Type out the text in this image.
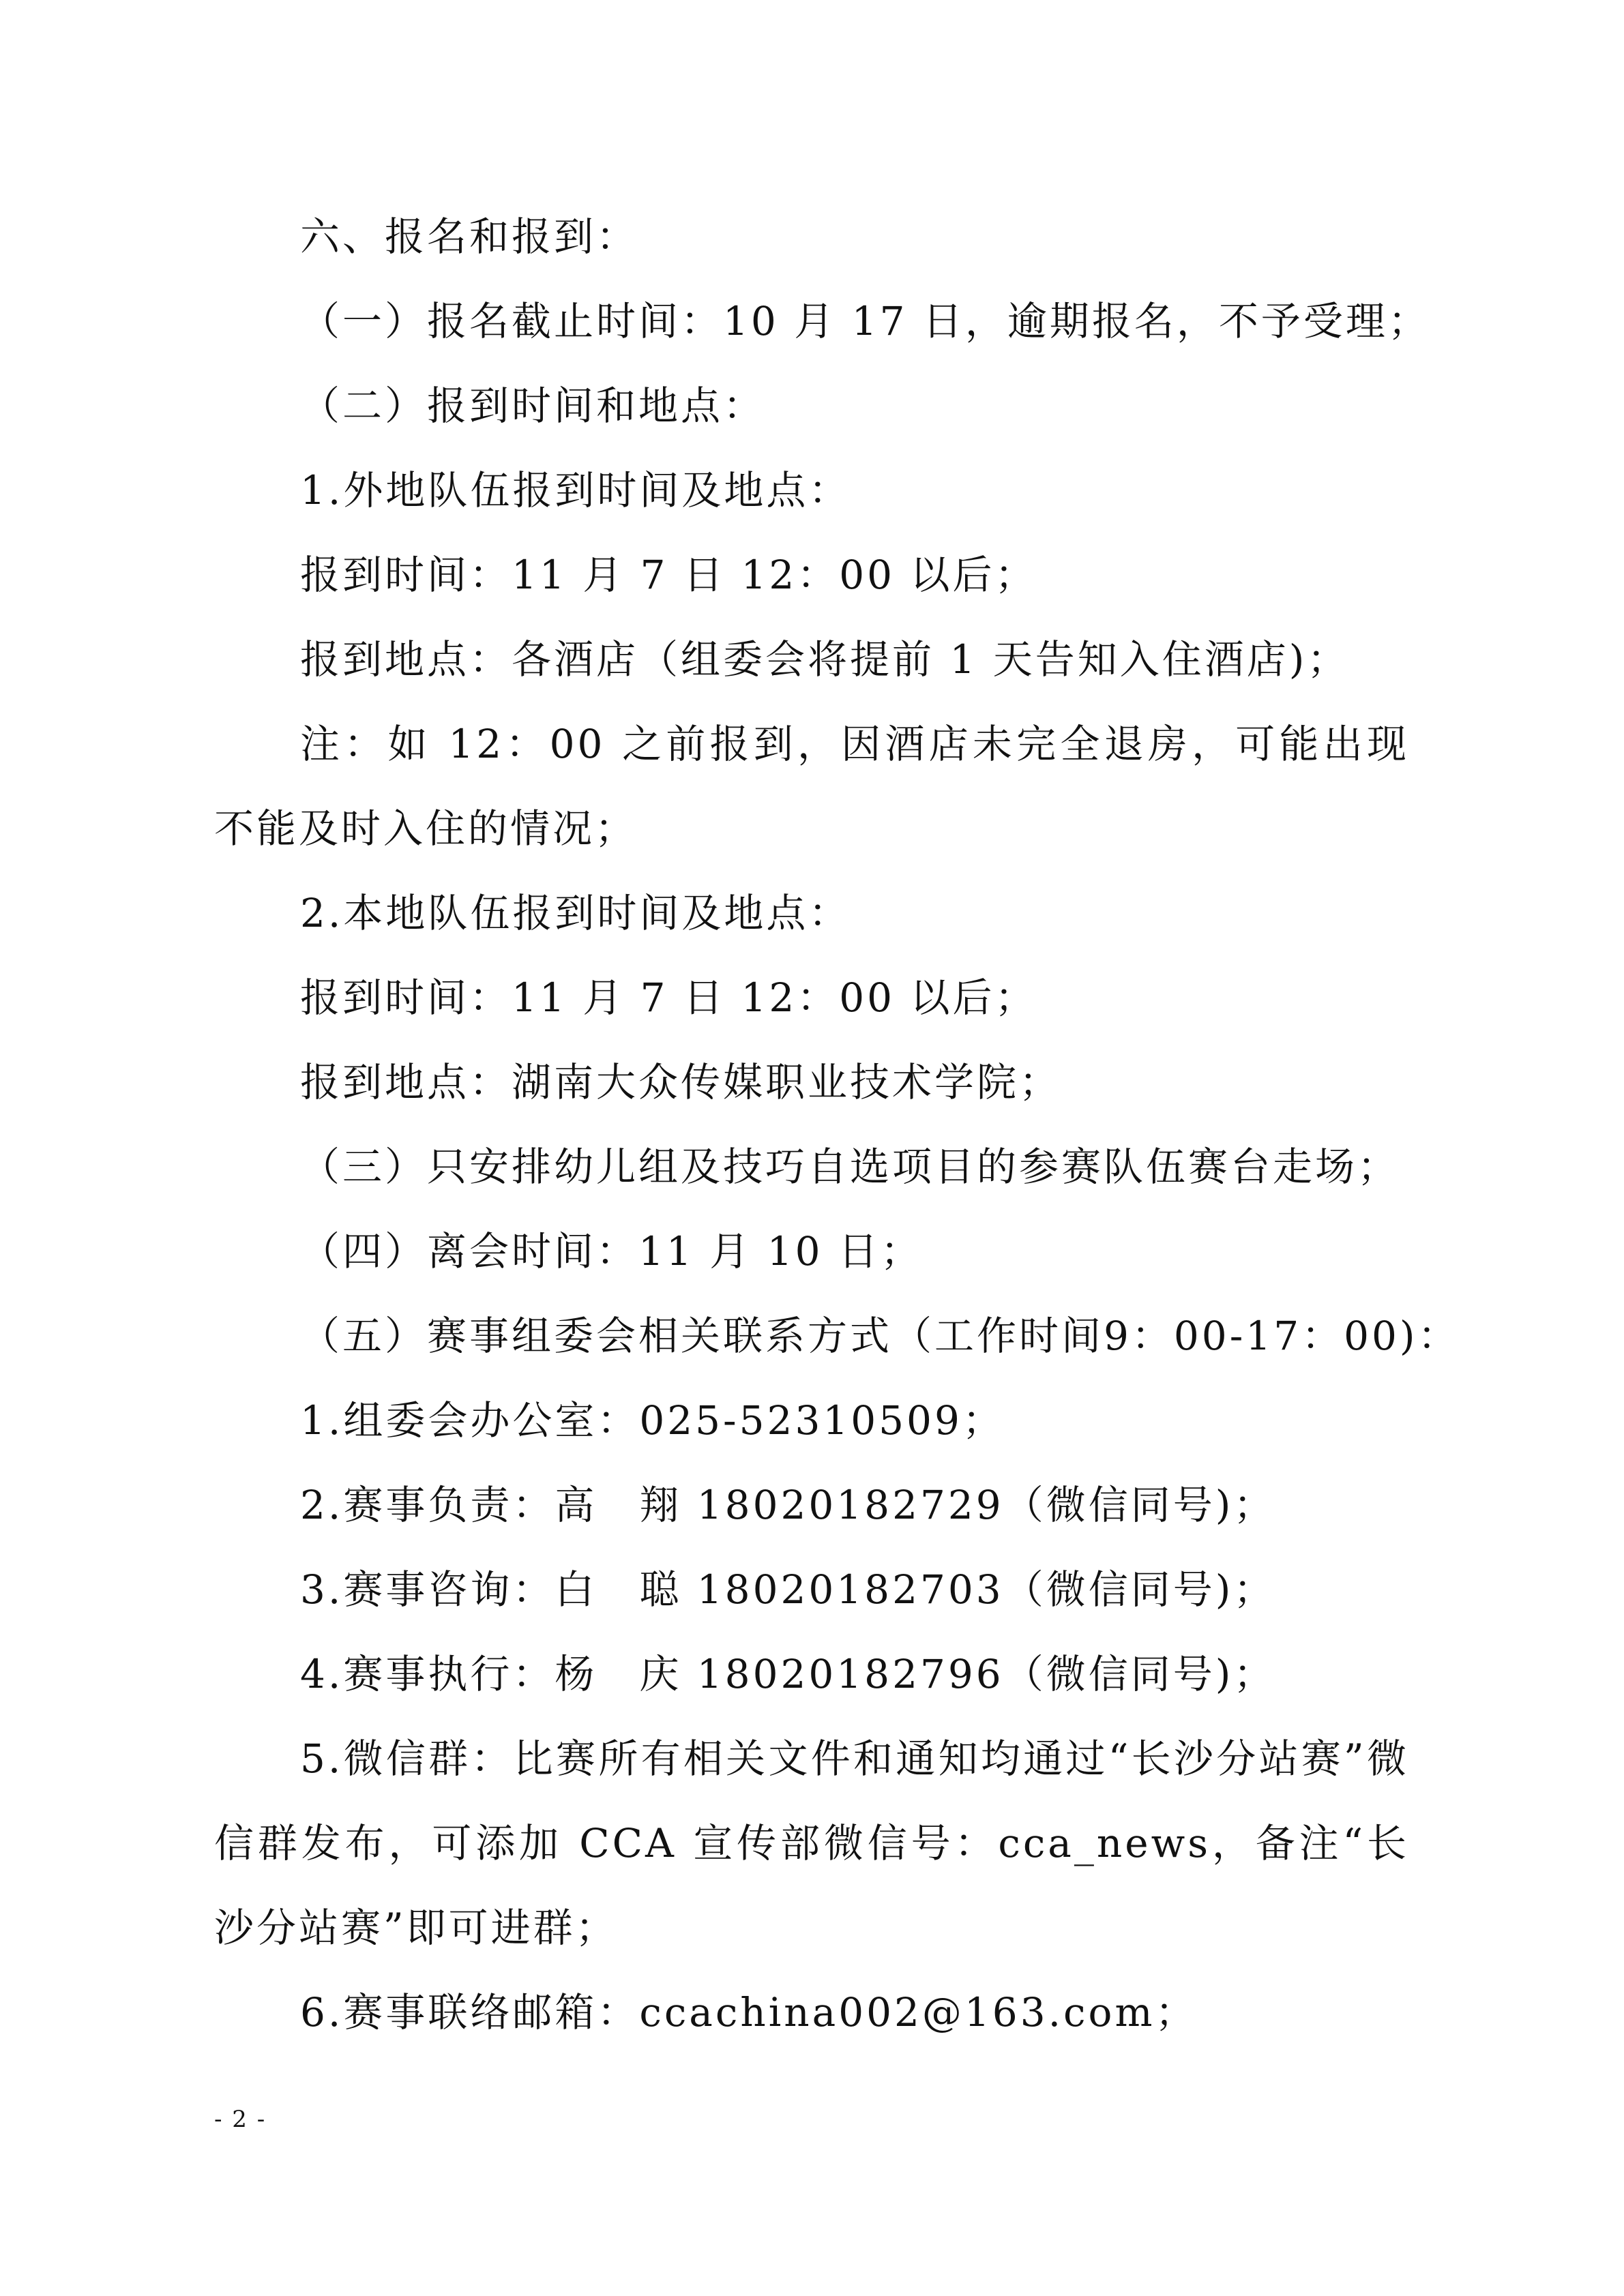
六、报名和报到：

（一）报名截止时间：10 月 17 日，逾期报名，不予受理；

（二）报到时间和地点：

1.外地队伍报到时间及地点：

报到时间：11 月 7 日 12：00 以后；

报到地点：各酒店（组委会将提前 1 天告知入住酒店)；

注：如 12：00 之前报到，因酒店未完全退房，可能出现不能及时入住的情况；

2.本地队伍报到时间及地点：

报到时间：11 月 7 日 12：00 以后；

报到地点：湖南大众传媒职业技术学院；

（三）只安排幼儿组及技巧自选项目的参赛队伍赛台走场；

（四）离会时间：11 月 10 日；

（五）赛事组委会相关联系方式（工作时间9：00-17：00)：

1.组委会办公室：025-52310509；

2.赛事负责：高　翔 18020182729（微信同号)；

3.赛事咨询：白　聪 18020182703（微信同号)；

4.赛事执行：杨　庆 18020182796（微信同号)；

5.微信群：比赛所有相关文件和通知均通过“长沙分站赛”微信群发布，可添加 CCA 宣传部微信号：cca_news，备注“长沙分站赛”即可进群；

6.赛事联络邮箱：ccachina002@163.com；

- 2 -
